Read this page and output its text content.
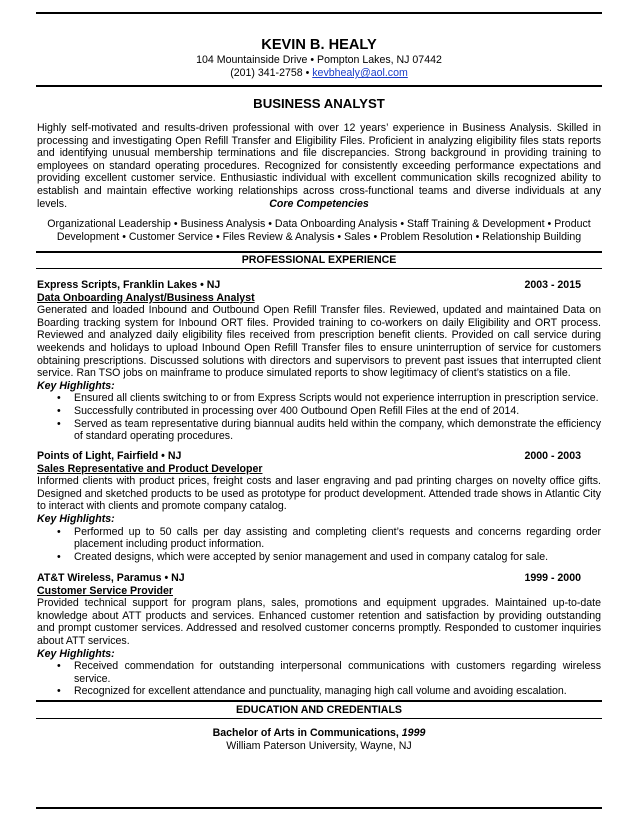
KEVIN B. HEALY
104 Mountainside Drive • Pompton Lakes, NJ 07442
(201) 341-2758 • kevbhealy@aol.com
BUSINESS ANALYST
Highly self-motivated and results-driven professional with over 12 years’ experience in Business Analysis. Skilled in processing and investigating Open Refill Transfer and Eligibility Files. Proficient in analyzing eligibility files stats reports and identifying unusual membership terminations and file discrepancies. Strong background in providing training to employees on standard operating procedures. Recognized for consistently exceeding performance expectations and providing excellent customer service. Enthusiastic individual with excellent communication skills recognized ability to establish and maintain effective working relationships across cross-functional teams and diverse individuals at any levels.	Core Competencies
Organizational Leadership • Business Analysis • Data Onboarding Analysis • Staff Training & Development • Product
Development • Customer Service • Files Review & Analysis • Sales • Problem Resolution • Relationship Building
PROFESSIONAL EXPERIENCE
Express Scripts, Franklin Lakes • NJ	2003 - 2015
Data Onboarding Analyst/Business Analyst
Generated and loaded Inbound and Outbound Open Refill Transfer files. Reviewed, updated and maintained Data on Boarding tracking system for Inbound ORT files. Provided training to co-workers on daily Eligibility and ORT process. Reviewed and analyzed daily eligibility files received from prescription benefit clients. Provided on call service during weekends and holidays to upload Inbound Open Refill Transfer files to ensure uninterruption of service for customers obtaining prescriptions. Discussed solutions with directors and supervisors to prevent past issues that interrupted client service. Ran TSO jobs on mainframe to produce simulated reports to show legitimacy of client’s statistics on a file.
Key Highlights:
• Ensured all clients switching to or from Express Scripts would not experience interruption in prescription service.
• Successfully contributed in processing over 400 Outbound Open Refill Files at the end of 2014.
• Served as team representative during biannual audits held within the company, which demonstrate the efficiency of standard operating procedures.
Points of Light, Fairfield • NJ	2000 - 2003
Sales Representative and Product Developer
Informed clients with product prices, freight costs and laser engraving and pad printing charges on novelty office gifts. Designed and sketched products to be used as prototype for product development. Attended trade shows in Atlantic City to interact with clients and promote company catalog.
Key Highlights:
• Performed up to 50 calls per day assisting and completing client’s requests and concerns regarding order placement including product information.
• Created designs, which were accepted by senior management and used in company catalog for sale.
AT&T Wireless, Paramus • NJ	1999 - 2000
Customer Service Provider
Provided technical support for program plans, sales, promotions and equipment upgrades. Maintained up-to-date knowledge about ATT products and services. Enhanced customer retention and satisfaction by providing outstanding and prompt customer services. Addressed and resolved customer concerns promptly. Responded to customer inquiries about ATT services.
Key Highlights:
• Received commendation for outstanding interpersonal communications with customers regarding wireless service.
• Recognized for excellent attendance and punctuality, managing high call volume and avoiding escalation.
EDUCATION AND CREDENTIALS
Bachelor of Arts in Communications, 1999
William Paterson University, Wayne, NJ
